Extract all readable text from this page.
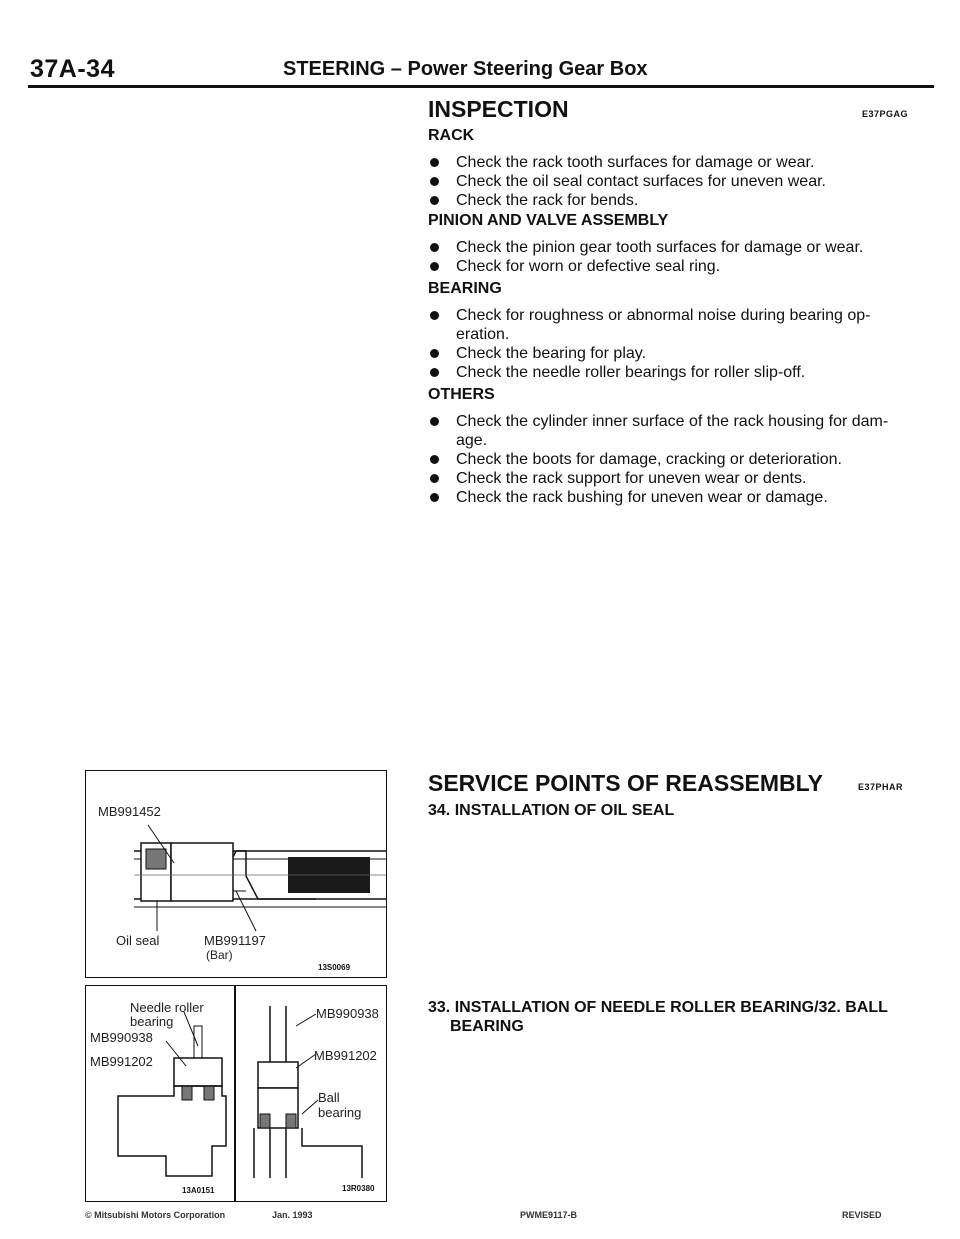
37A-34	STEERING – Power Steering Gear Box
INSPECTION	E37PGAG
RACK
Check the rack tooth surfaces for damage or wear.
Check the oil seal contact surfaces for uneven wear.
Check the rack for bends.
PINION AND VALVE ASSEMBLY
Check the pinion gear tooth surfaces for damage or wear.
Check for worn or defective seal ring.
BEARING
Check for roughness or abnormal noise during bearing op-eration.
Check the bearing for play.
Check the needle roller bearings for roller slip-off.
OTHERS
Check the cylinder inner surface of the rack housing for dam-age.
Check the boots for damage, cracking or deterioration.
Check the rack support for uneven wear or dents.
Check the rack bushing for uneven wear or damage.
SERVICE POINTS OF REASSEMBLY	E37PHAR
34. INSTALLATION OF OIL SEAL
33. INSTALLATION OF NEEDLE ROLLER BEARING/32. BALL
BEARING
MB991452
Oil seal	MB991197
(Bar)
13S0069
Needle roller
bearing
MB990938
MB991202
13A0151
MB990938
MB991202
Ball bearing
13R0380
© Mitsubishi Motors Corporation	Jan. 1993	PWME9117-B	REVISED
